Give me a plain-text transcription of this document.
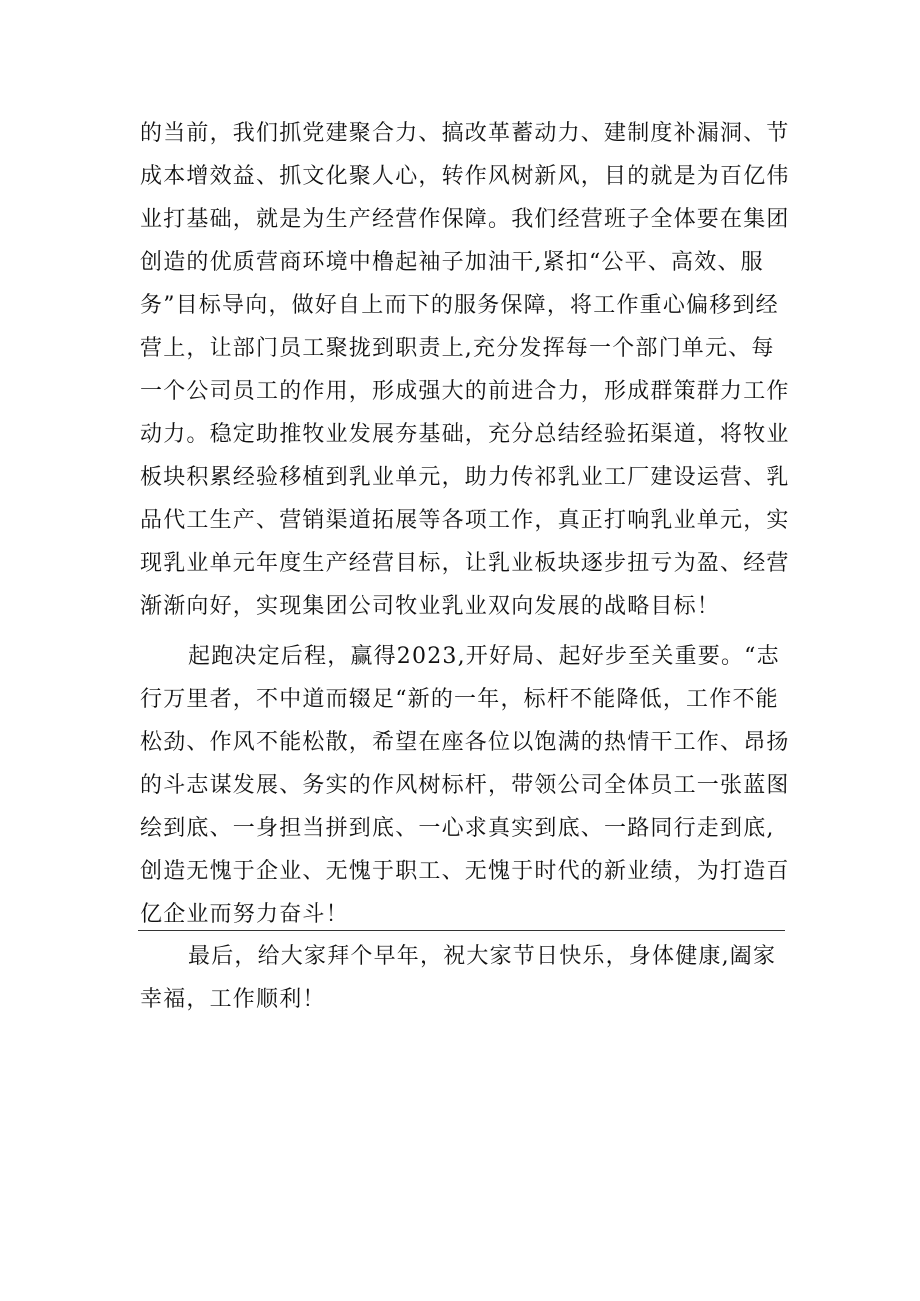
的当前，我们抓党建聚合力、搞改革蓄动力、建制度补漏洞、节
成本增效益、抓文化聚人心，转作风树新风，目的就是为百亿伟
业打基础，就是为生产经营作保障。我们经营班子全体要在集团
创造的优质营商环境中橹起袖子加油干,紧扣“公平、高效、服
务”目标导向，做好自上而下的服务保障，将工作重心偏移到经
营上，让部门员工聚拢到职责上,充分发挥每一个部门单元、每
一个公司员工的作用，形成强大的前进合力，形成群策群力工作
动力。稳定助推牧业发展夯基础，充分总结经验拓渠道，将牧业
板块积累经验移植到乳业单元，助力传祁乳业工厂建设运营、乳
品代工生产、营销渠道拓展等各项工作，真正打响乳业单元，实
现乳业单元年度生产经营目标，让乳业板块逐步扭亏为盈、经营
渐渐向好，实现集团公司牧业乳业双向发展的战略目标！
起跑决定后程，赢得2023,开好局、起好步至关重要。“志
行万里者，不中道而辍足“新的一年，标杆不能降低，工作不能
松劲、作风不能松散，希望在座各位以饱满的热情干工作、昂扬
的斗志谋发展、务实的作风树标杆，带领公司全体员工一张蓝图
绘到底、一身担当拼到底、一心求真实到底、一路同行走到底,
创造无愧于企业、无愧于职工、无愧于时代的新业绩，为打造百
亿企业而努力奋斗！
最后，给大家拜个早年，祝大家节日快乐，身体健康,阖家
幸福，工作顺利！
